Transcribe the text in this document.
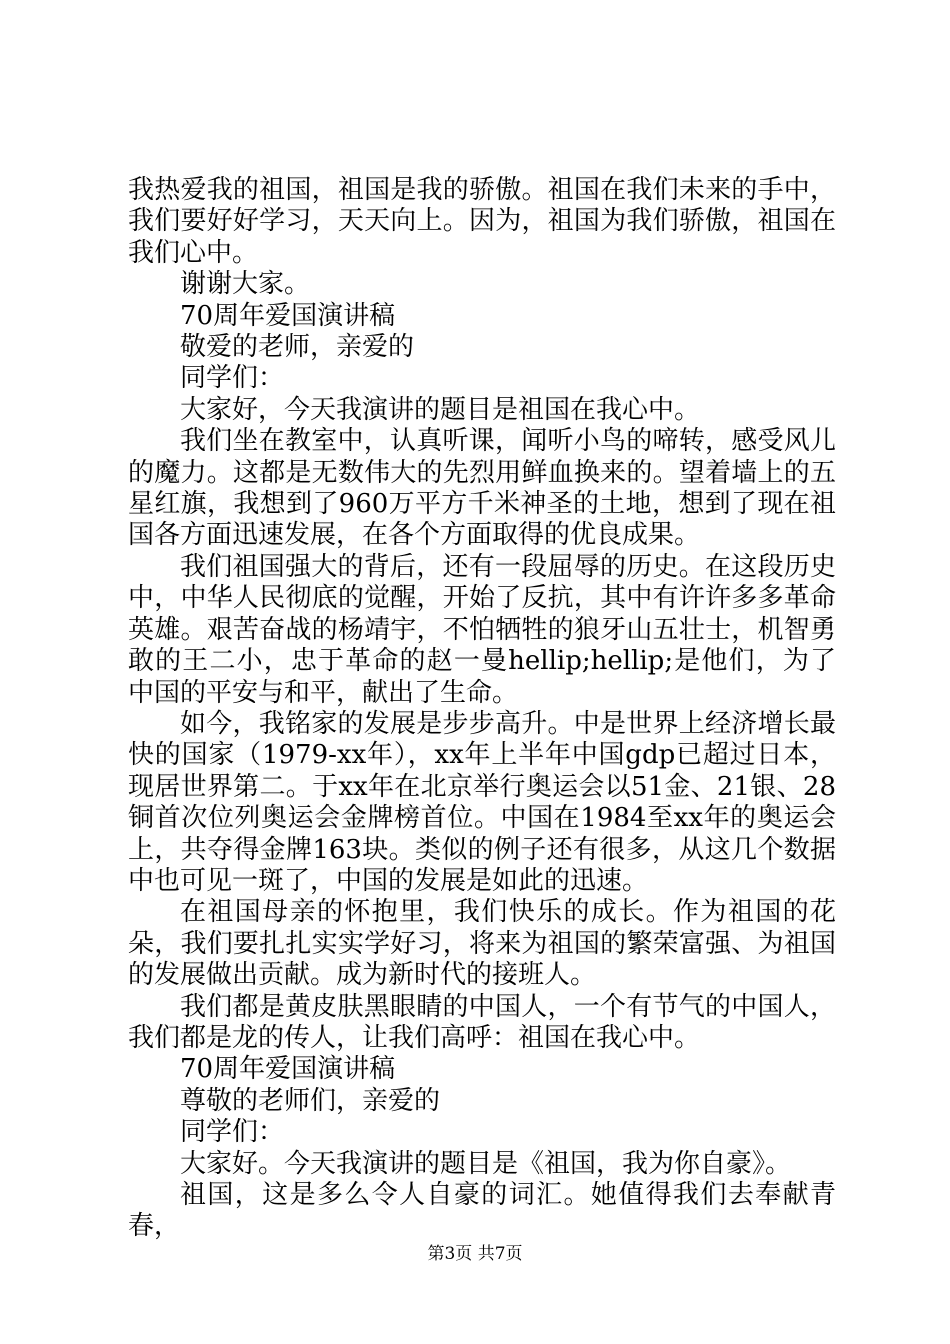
我热爱我的祖国，祖国是我的骄傲。祖国在我们未来的手中，我们要好好学习，天天向上。因为，祖国为我们骄傲，祖国在我们心中。

谢谢大家。

70周年爱国演讲稿

敬爱的老师，亲爱的

同学们：

大家好，今天我演讲的题目是祖国在我心中。

我们坐在教室中，认真听课，闻听小鸟的啼转，感受风儿的魔力。这都是无数伟大的先烈用鲜血换来的。望着墙上的五星红旗，我想到了960万平方千米神圣的土地，想到了现在祖国各方面迅速发展，在各个方面取得的优良成果。

我们祖国强大的背后，还有一段屈辱的历史。在这段历史中，中华人民彻底的觉醒，开始了反抗，其中有许许多多革命英雄。艰苦奋战的杨靖宇，不怕牺牲的狼牙山五壮士，机智勇敢的王二小，忠于革命的赵一曼hellip;hellip;是他们，为了中国的平安与和平，献出了生命。

如今，我铭家的发展是步步高升。中是世界上经济增长最快的国家（1979-xx年），xx年上半年中国gdp已超过日本，现居世界第二。于xx年在北京举行奥运会以51金、21银、28铜首次位列奥运会金牌榜首位。中国在1984至xx年的奥运会上，共夺得金牌163块。类似的例子还有很多，从这几个数据中也可见一斑了，中国的发展是如此的迅速。

在祖国母亲的怀抱里，我们快乐的成长。作为祖国的花朵，我们要扎扎实实学好习，将来为祖国的繁荣富强、为祖国的发展做出贡献。成为新时代的接班人。

我们都是黄皮肤黑眼睛的中国人，一个有节气的中国人，我们都是龙的传人，让我们高呼：祖国在我心中。

70周年爱国演讲稿

尊敬的老师们，亲爱的

同学们：

大家好。今天我演讲的题目是《祖国，我为你自豪》。

祖国，这是多么令人自豪的词汇。她值得我们去奉献青春，

第3页 共7页
